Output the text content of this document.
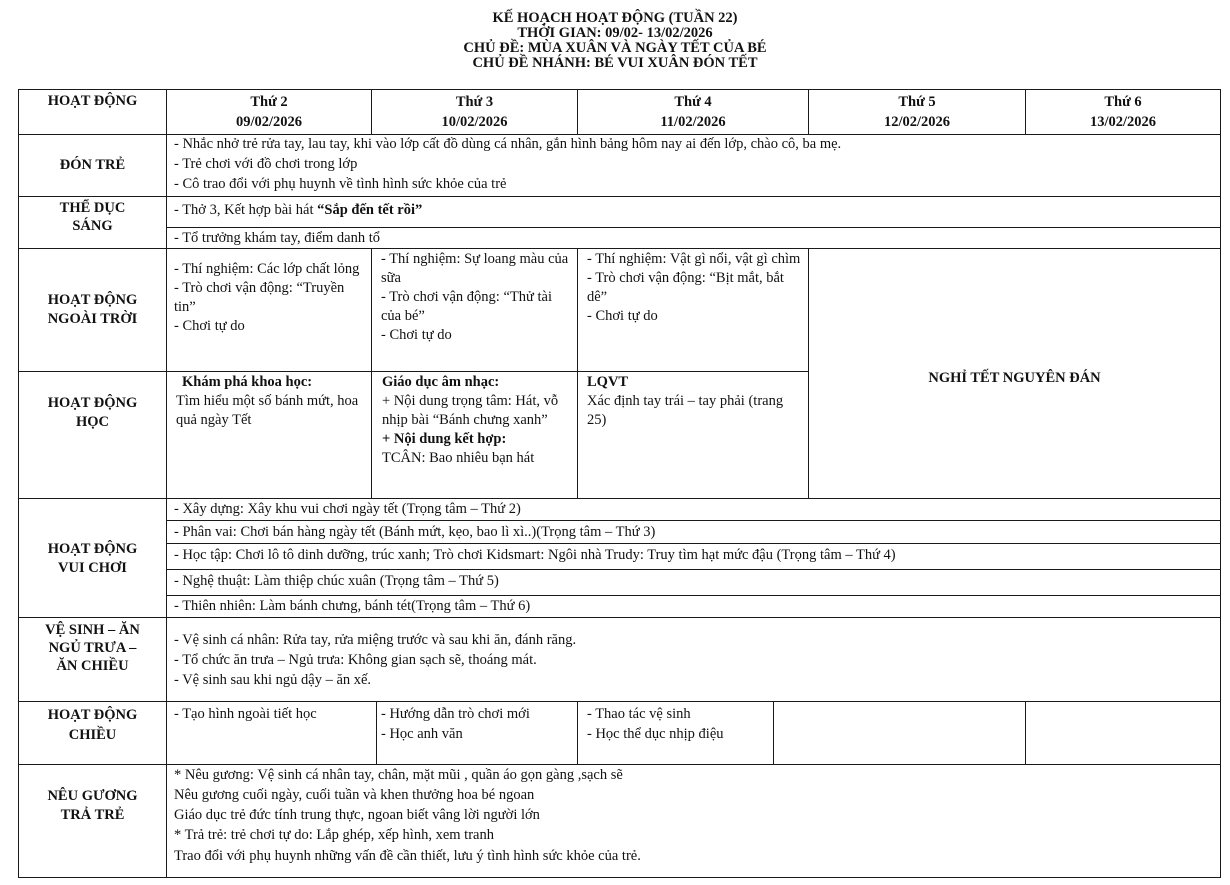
KẾ HOẠCH HOẠT ĐỘNG (TUẦN 22)
THỜI GIAN: 09/02- 13/02/2026
CHỦ ĐỀ: MÙA XUÂN VÀ NGÀY TẾT CỦA BÉ
CHỦ ĐỀ NHÁNH: BÉ VUI XUÂN ĐÓN TẾT
HOẠT ĐỘNG	Thứ 2
09/02/2026
Thứ 3
10/02/2026
Thứ 4
11/02/2026
Thứ 5
12/02/2026
Thứ 6
13/02/2026
ĐÓN TRẺ
- Nhắc nhở trẻ rửa tay, lau tay, khi vào lớp cất đồ dùng cá nhân, gắn hình bảng hôm nay ai đến lớp, chào cô, ba mẹ.
- Trẻ chơi với đồ chơi trong lớp
- Cô trao đổi với phụ huynh về tình hình sức khỏe của trẻ
THỂ DỤC
SÁNG
- Thở 3, Kết hợp bài hát “Sắp đến tết rồi”
- Tổ trưởng khám tay, điểm danh tổ
HOẠT ĐỘNG
NGOÀI TRỜI
- Thí nghiệm: Các lớp chất lỏng
- Trò chơi vận động: “Truyền tin”
- Chơi tự do
- Thí nghiệm: Sự loang màu của sữa
- Trò chơi vận động: “Thử tài của bé”
- Chơi tự do
- Thí nghiệm: Vật gì nổi, vật gì chìm
- Trò chơi vận động: “Bịt mắt, bắt dê”
- Chơi tự do
NGHỈ TẾT NGUYÊN ĐÁN
HOẠT ĐỘNG
HỌC
Khám phá khoa học:
Tìm hiểu một số bánh mứt, hoa quả ngày Tết
Giáo dục âm nhạc:
+ Nội dung trọng tâm: Hát, vỗ nhịp bài “Bánh chưng xanh”
+ Nội dung kết hợp:
TCÂN: Bao nhiêu bạn hát
LQVT
Xác định tay trái – tay phải (trang 25)
HOẠT ĐỘNG
VUI CHƠI
- Xây dựng: Xây khu vui chơi ngày tết (Trọng tâm – Thứ 2)
- Phân vai: Chơi bán hàng ngày tết (Bánh mứt, kẹo, bao lì xì..)(Trọng tâm – Thứ 3)
- Học tập: Chơi lô tô dinh dưỡng, trúc xanh; Trò chơi Kidsmart: Ngôi nhà Trudy: Truy tìm hạt mức đậu (Trọng tâm – Thứ 4)
- Nghệ thuật: Làm thiệp chúc xuân (Trọng tâm – Thứ 5)
- Thiên nhiên: Làm bánh chưng, bánh tét(Trọng tâm – Thứ 6)
VỆ SINH – ĂN
NGỦ TRƯA –
ĂN CHIỀU
- Vệ sinh cá nhân: Rửa tay, rửa miệng trước và sau khi ăn, đánh răng.
- Tổ chức ăn trưa – Ngủ trưa: Không gian sạch sẽ, thoáng mát.
- Vệ sinh sau khi ngủ dậy – ăn xế.
HOẠT ĐỘNG
CHIỀU
- Tạo hình ngoài tiết học	- Hướng dẫn trò chơi mới
- Học anh văn
- Thao tác vệ sinh
- Học thể dục nhịp điệu
NÊU GƯƠNG
TRẢ TRẺ
* Nêu gương: Vệ sinh cá nhân tay, chân, mặt mũi , quần áo gọn gàng ,sạch sẽ
Nêu gương cuối ngày, cuối tuần và khen thưởng hoa bé ngoan
Giáo dục trẻ đức tính trung thực, ngoan biết vâng lời người lớn
* Trả trẻ: trẻ chơi tự do: Lắp ghép, xếp hình, xem tranh
Trao đổi với phụ huynh những vấn đề cần thiết, lưu ý tình hình sức khỏe của trẻ.
